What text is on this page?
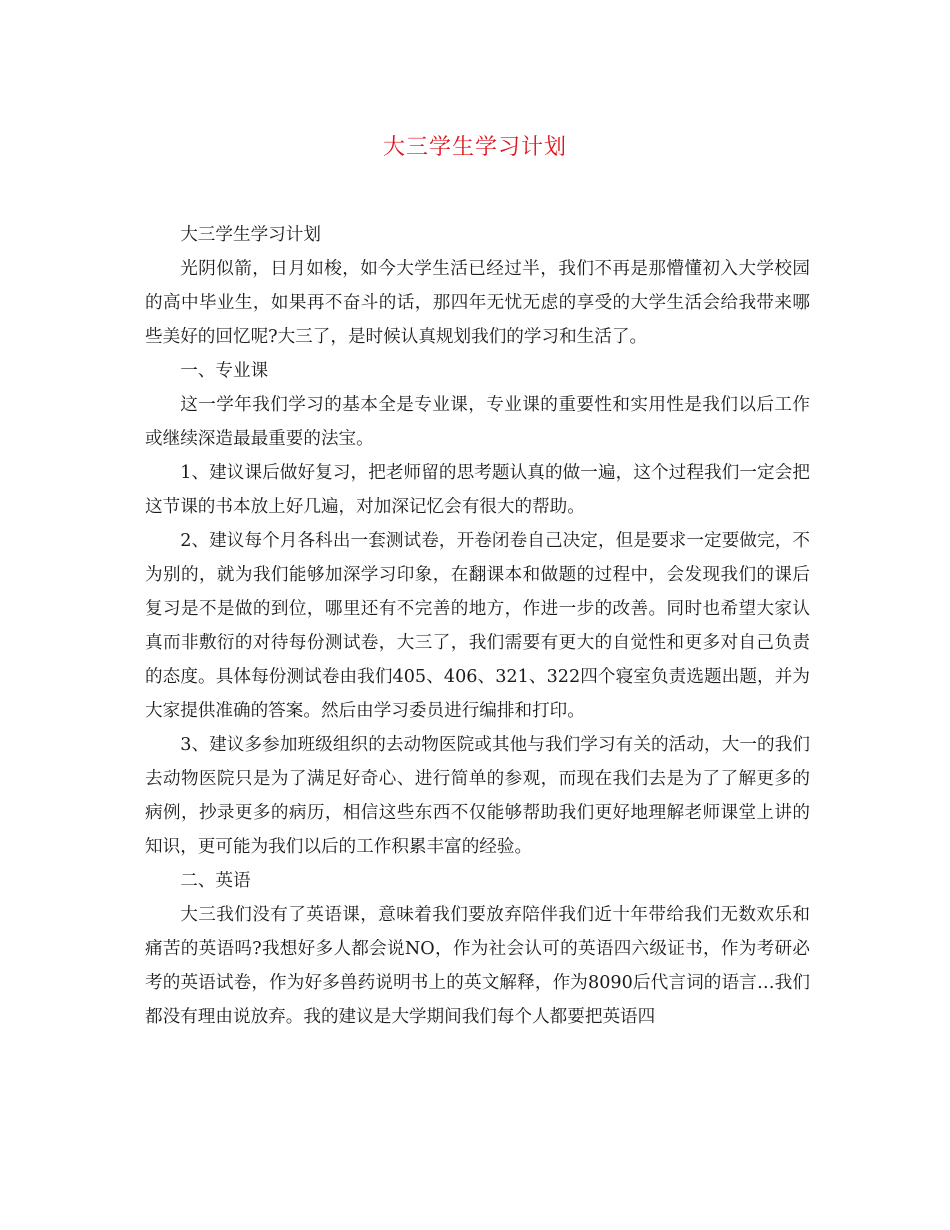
大三学生学习计划

大三学生学习计划

光阴似箭，日月如梭，如今大学生活已经过半，我们不再是那懵懂初入大学校园的高中毕业生，如果再不奋斗的话，那四年无忧无虑的享受的大学生活会给我带来哪些美好的回忆呢?大三了，是时候认真规划我们的学习和生活了。

一、专业课

这一学年我们学习的基本全是专业课，专业课的重要性和实用性是我们以后工作或继续深造最最重要的法宝。

1、建议课后做好复习，把老师留的思考题认真的做一遍，这个过程我们一定会把这节课的书本放上好几遍，对加深记忆会有很大的帮助。

2、建议每个月各科出一套测试卷，开卷闭卷自己决定，但是要求一定要做完，不为别的，就为我们能够加深学习印象，在翻课本和做题的过程中，会发现我们的课后复习是不是做的到位，哪里还有不完善的地方，作进一步的改善。同时也希望大家认真而非敷衍的对待每份测试卷，大三了，我们需要有更大的自觉性和更多对自己负责的态度。具体每份测试卷由我们405、406、321、322四个寝室负责选题出题，并为大家提供准确的答案。然后由学习委员进行编排和打印。

3、建议多参加班级组织的去动物医院或其他与我们学习有关的活动，大一的我们去动物医院只是为了满足好奇心、进行简单的参观，而现在我们去是为了了解更多的病例，抄录更多的病历，相信这些东西不仅能够帮助我们更好地理解老师课堂上讲的知识，更可能为我们以后的工作积累丰富的经验。

二、英语

大三我们没有了英语课，意味着我们要放弃陪伴我们近十年带给我们无数欢乐和痛苦的英语吗?我想好多人都会说NO，作为社会认可的英语四六级证书，作为考研必考的英语试卷，作为好多兽药说明书上的英文解释，作为8090后代言词的语言…我们都没有理由说放弃。我的建议是大学期间我们每个人都要把英语四
